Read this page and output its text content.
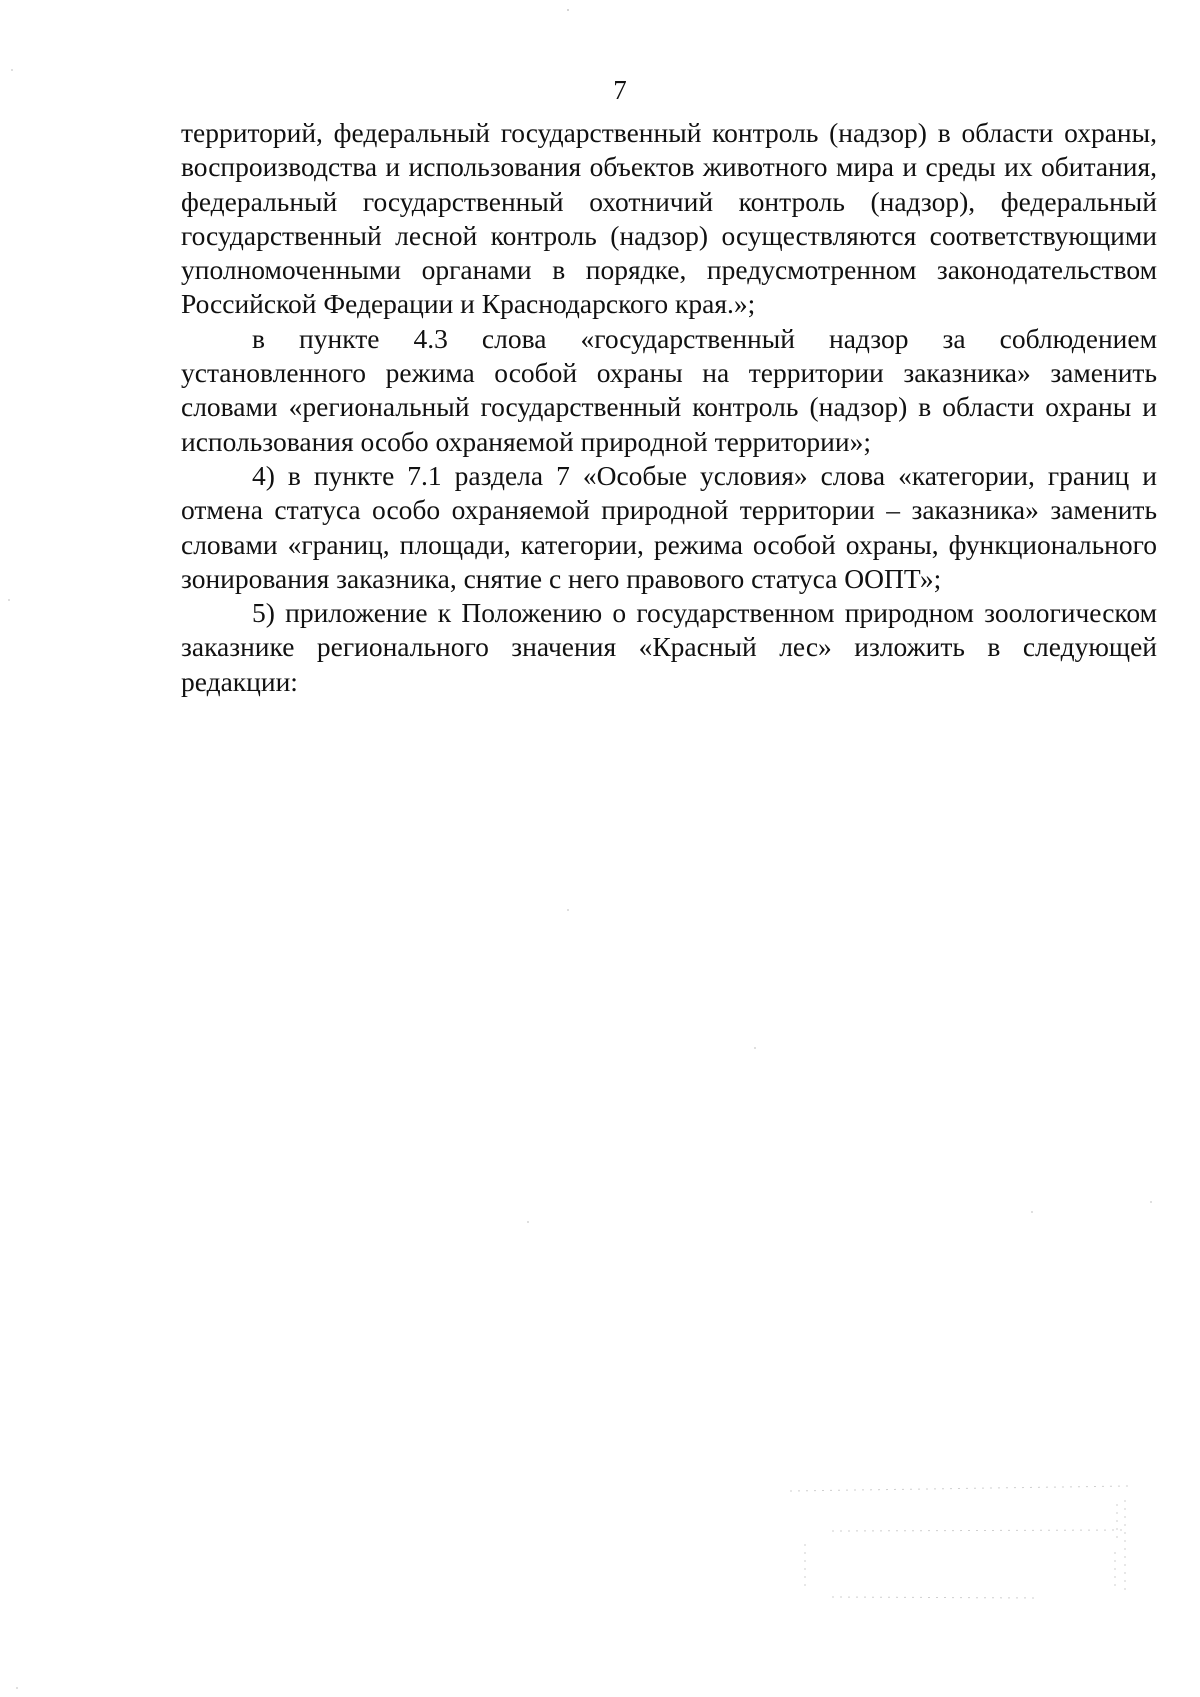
7

территорий, федеральный государственный контроль (надзор) в области охраны, воспроизводства и использования объектов животного мира и среды их обитания, федеральный государственный охотничий контроль (надзор), федеральный государственный лесной контроль (надзор) осуществляются соответствующими уполномоченными органами в порядке, предусмотренном законодательством Российской Федерации и Краснодарского края.»;

в пункте 4.3 слова «государственный надзор за соблюдением установленного режима особой охраны на территории заказника» заменить словами «региональный государственный контроль (надзор) в области охраны и использования особо охраняемой природной территории»;

4) в пункте 7.1 раздела 7 «Особые условия» слова «категории, границ и отмена статуса особо охраняемой природной территории – заказника» заменить словами «границ, площади, категории, режима особой охраны, функционального зонирования заказника, снятие с него правового статуса ООПТ»;

5) приложение к Положению о государственном природном зоологическом заказнике регионального значения «Красный лес» изложить в следующей редакции:
